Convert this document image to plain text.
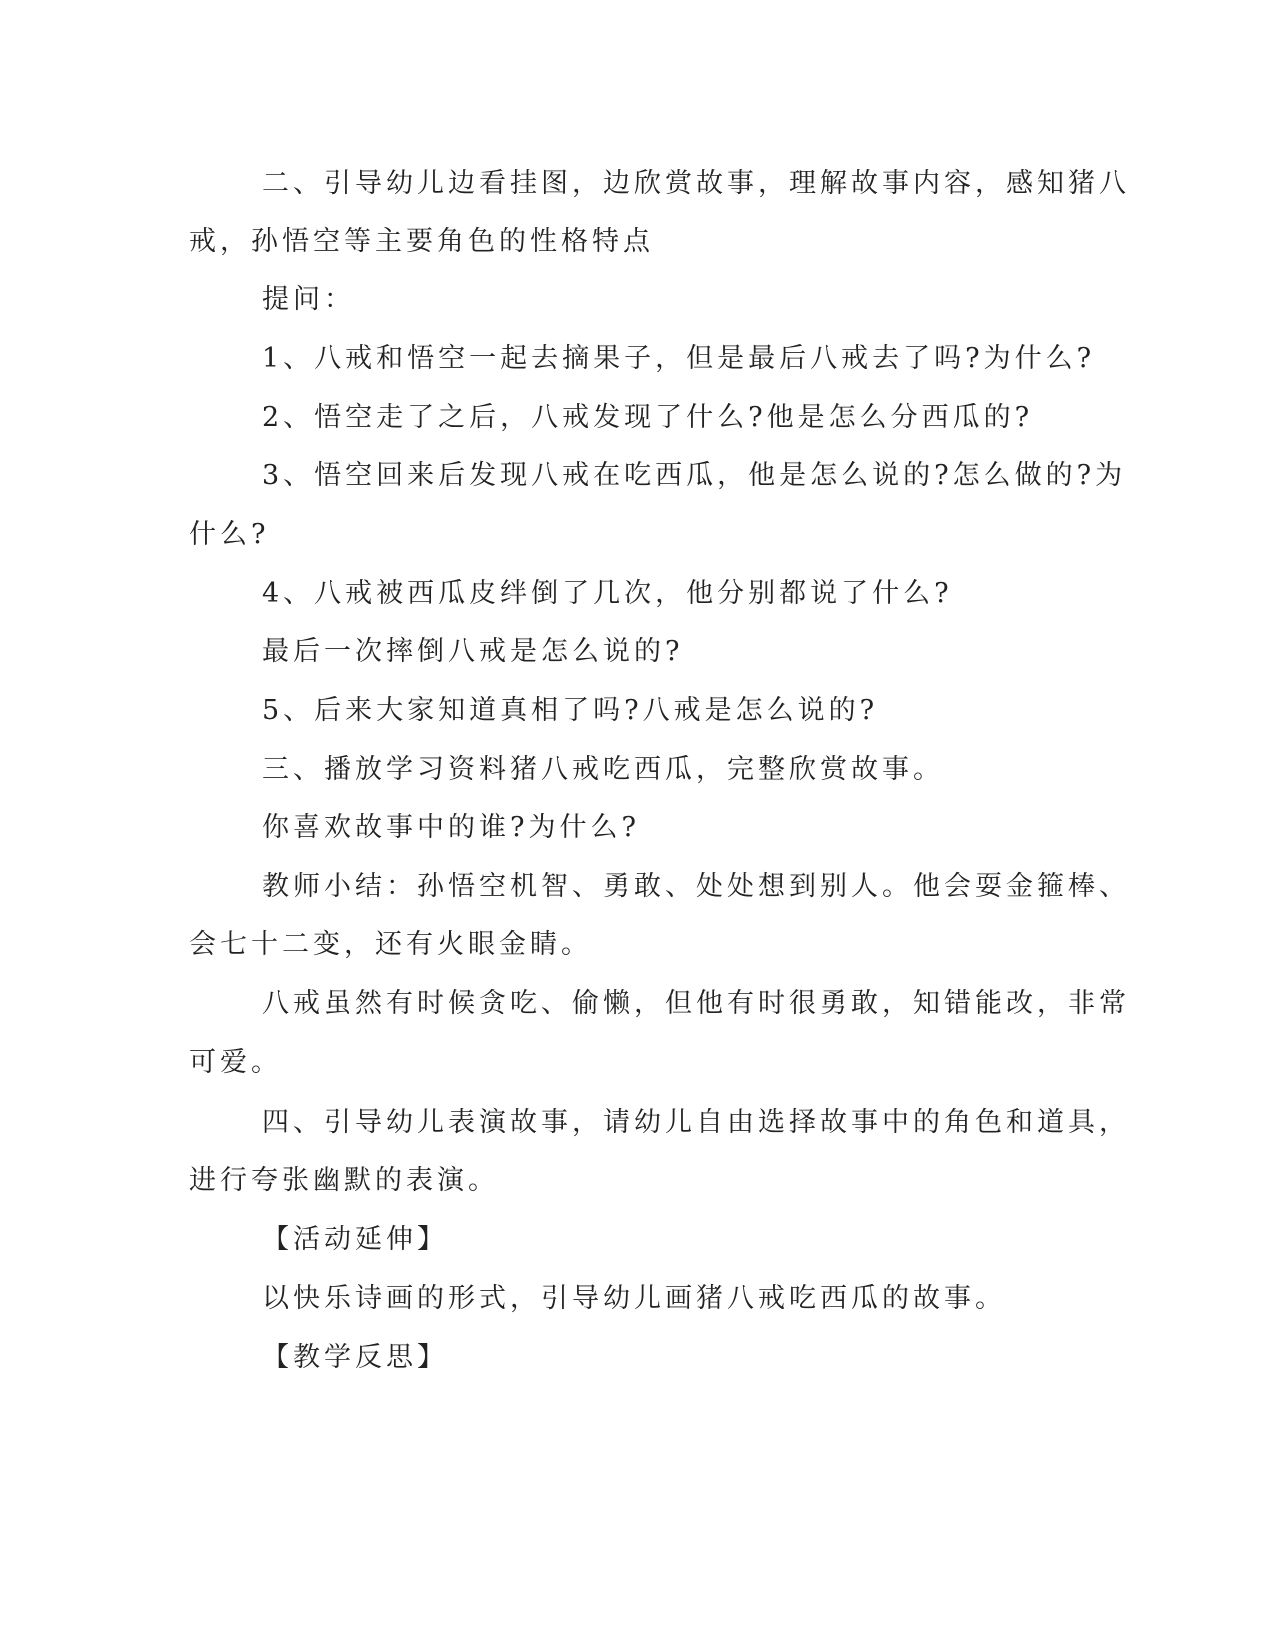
二、引导幼儿边看挂图，边欣赏故事，理解故事内容，感知猪八
戒，孙悟空等主要角色的性格特点
提问：
1、八戒和悟空一起去摘果子，但是最后八戒去了吗?为什么?
2、悟空走了之后，八戒发现了什么?他是怎么分西瓜的?
3、悟空回来后发现八戒在吃西瓜，他是怎么说的?怎么做的?为
什么?
4、八戒被西瓜皮绊倒了几次，他分别都说了什么?
最后一次摔倒八戒是怎么说的?
5、后来大家知道真相了吗?八戒是怎么说的?
三、播放学习资料猪八戒吃西瓜，完整欣赏故事。
你喜欢故事中的谁?为什么?
教师小结：孙悟空机智、勇敢、处处想到别人。他会耍金箍棒、
会七十二变，还有火眼金睛。
八戒虽然有时候贪吃、偷懒，但他有时很勇敢，知错能改，非常
可爱。
四、引导幼儿表演故事，请幼儿自由选择故事中的角色和道具，
进行夸张幽默的表演。
【活动延伸】
以快乐诗画的形式，引导幼儿画猪八戒吃西瓜的故事。
【教学反思】
